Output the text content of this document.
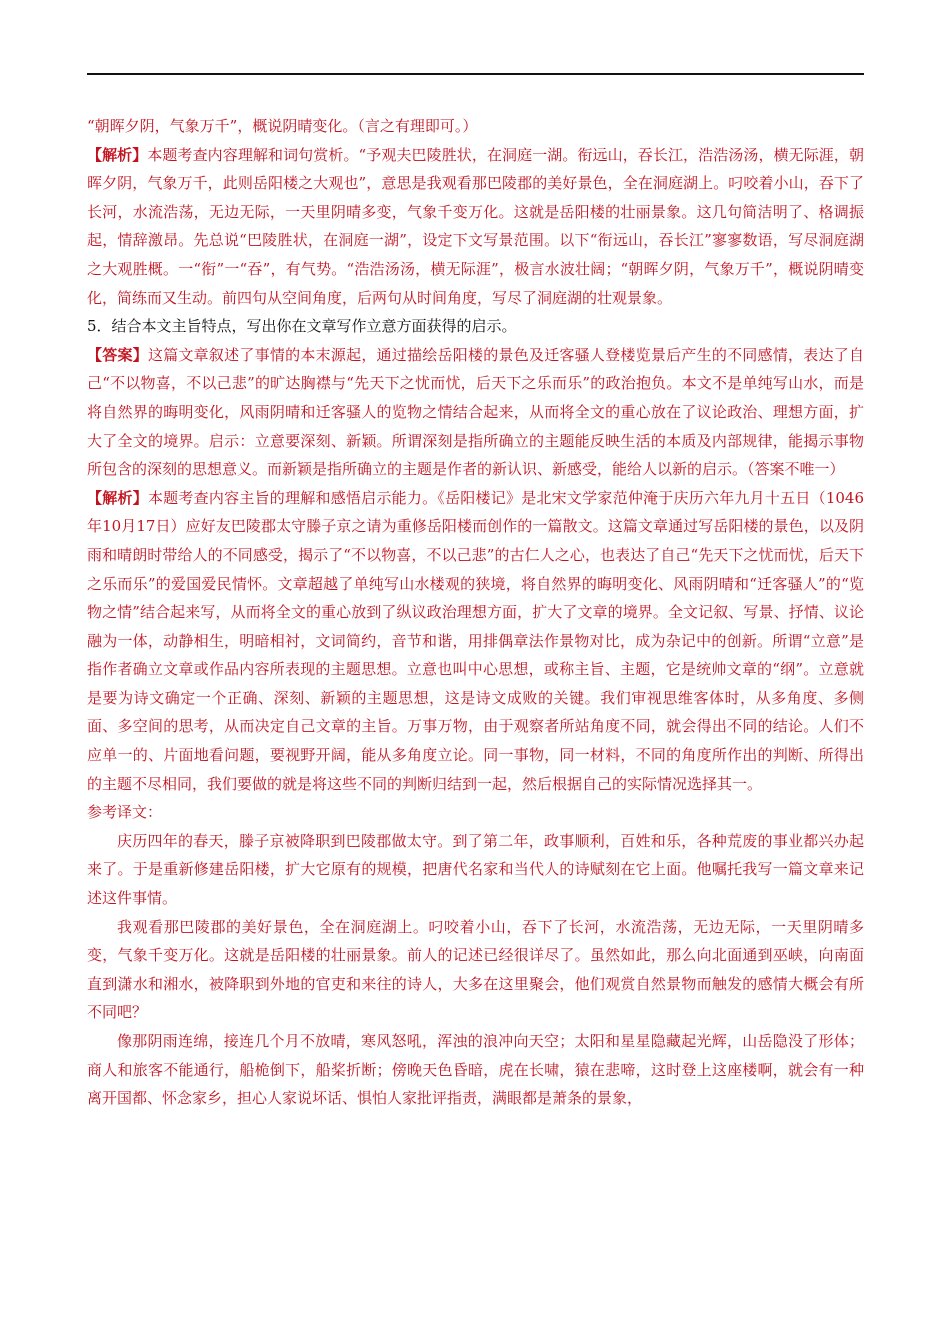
“朝晖夕阴，气象万千”，概说阴晴变化。（言之有理即可。）

【解析】本题考查内容理解和词句赏析。“予观夫巴陵胜状，在洞庭一湖。衔远山，吞长江，浩浩汤汤，横无际涯，朝晖夕阴，气象万千，此则岳阳楼之大观也”，意思是我观看那巴陵郡的美好景色，全在洞庭湖上。叼咬着小山，吞下了长河，水流浩荡，无边无际，一天里阴晴多变，气象千变万化。这就是岳阳楼的壮丽景象。这几句简洁明了、格调振起，情辞激昂。先总说“巴陵胜状，在洞庭一湖”，设定下文写景范围。以下“衔远山，吞长江”寥寥数语，写尽洞庭湖之大观胜概。一“衔”一“吞”，有气势。“浩浩汤汤，横无际涯”，极言水波壮阔；“朝晖夕阴，气象万千”，概说阴晴变化，简练而又生动。前四句从空间角度，后两句从时间角度，写尽了洞庭湖的壮观景象。

5．结合本文主旨特点，写出你在文章写作立意方面获得的启示。

【答案】这篇文章叙述了事情的本末源起，通过描绘岳阳楼的景色及迁客骚人登楼览景后产生的不同感情，表达了自己“不以物喜，不以己悲”的旷达胸襟与“先天下之忧而忧，后天下之乐而乐”的政治抱负。本文不是单纯写山水，而是将自然界的晦明变化，风雨阴晴和迁客骚人的览物之情结合起来，从而将全文的重心放在了议论政治、理想方面，扩大了全文的境界。启示：立意要深刻、新颖。所谓深刻是指所确立的主题能反映生活的本质及内部规律，能揭示事物所包含的深刻的思想意义。而新颖是指所确立的主题是作者的新认识、新感受，能给人以新的启示。（答案不唯一）

【解析】本题考查内容主旨的理解和感悟启示能力。《岳阳楼记》是北宋文学家范仲淹于庆历六年九月十五日（1046年10月17日）应好友巴陵郡太守滕子京之请为重修岳阳楼而创作的一篇散文。这篇文章通过写岳阳楼的景色，以及阴雨和晴朗时带给人的不同感受，揭示了“不以物喜，不以己悲”的古仁人之心，也表达了自己“先天下之忧而忧，后天下之乐而乐”的爱国爱民情怀。文章超越了单纯写山水楼观的狭境，将自然界的晦明变化、风雨阴晴和“迁客骚人”的“览物之情”结合起来写，从而将全文的重心放到了纵议政治理想方面，扩大了文章的境界。全文记叙、写景、抒情、议论融为一体，动静相生，明暗相衬，文词简约，音节和谐，用排偶章法作景物对比，成为杂记中的创新。所谓“立意”是指作者确立文章或作品内容所表现的主题思想。立意也叫中心思想，或称主旨、主题，它是统帅文章的“纲”。立意就是要为诗文确定一个正确、深刻、新颖的主题思想，这是诗文成败的关键。我们审视思维客体时，从多角度、多侧面、多空间的思考，从而决定自己文章的主旨。万事万物，由于观察者所站角度不同，就会得出不同的结论。人们不应单一的、片面地看问题，要视野开阔，能从多角度立论。同一事物，同一材料，不同的角度所作出的判断、所得出的主题不尽相同，我们要做的就是将这些不同的判断归结到一起，然后根据自己的实际情况选择其一。

参考译文：

庆历四年的春天，滕子京被降职到巴陵郡做太守。到了第二年，政事顺利，百姓和乐，各种荒废的事业都兴办起来了。于是重新修建岳阳楼，扩大它原有的规模，把唐代名家和当代人的诗赋刻在它上面。他嘱托我写一篇文章来记述这件事情。

我观看那巴陵郡的美好景色，全在洞庭湖上。叼咬着小山，吞下了长河，水流浩荡，无边无际，一天里阴晴多变，气象千变万化。这就是岳阳楼的壮丽景象。前人的记述已经很详尽了。虽然如此，那么向北面通到巫峡，向南面直到潇水和湘水，被降职到外地的官吏和来往的诗人，大多在这里聚会，他们观赏自然景物而触发的感情大概会有所不同吧？

像那阴雨连绵，接连几个月不放晴，寒风怒吼，浑浊的浪冲向天空；太阳和星星隐藏起光辉，山岳隐没了形体；商人和旅客不能通行，船桅倒下，船桨折断；傍晚天色昏暗，虎在长啸，猿在悲啼，这时登上这座楼啊，就会有一种离开国都、怀念家乡，担心人家说坏话、惧怕人家批评指责，满眼都是萧条的景象，
